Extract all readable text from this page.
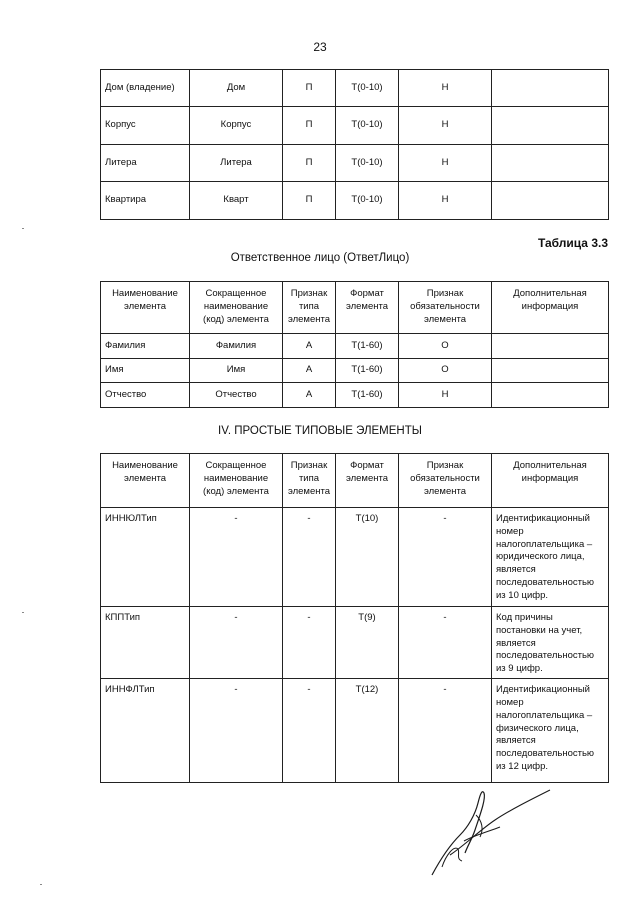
23
Дом (владение)	Дом	П	Т(0-10)	Н	
Корпус	Корпус	П	Т(0-10)	Н	
Литера	Литера	П	Т(0-10)	Н	
Квартира	Кварт	П	Т(0-10)	Н	
Таблица 3.3
Ответственное лицо (ОтветЛицо)
Наименование элемента	Сокращенное наименование (код) элемента	Признак типа элемента	Формат элемента	Признак обязательности элемента	Дополнительная информация
Фамилия	Фамилия	А	Т(1-60)	О	
Имя	Имя	А	Т(1-60)	О	
Отчество	Отчество	А	Т(1-60)	Н	
IV. ПРОСТЫЕ ТИПОВЫЕ ЭЛЕМЕНТЫ
Наименование элемента	Сокращенное наименование (код) элемента	Признак типа элемента	Формат элемента	Признак обязательности элемента	Дополнительная информация
ИННЮЛТип	-	-	Т(10)	-	Идентификационный номер налогоплательщика – юридического лица, является последовательностью из 10 цифр.
КППТип	-	-	Т(9)	-	Код причины постановки на учет, является последовательностью из 9 цифр.
ИННФЛТип	-	-	Т(12)	-	Идентификационный номер налогоплательщика – физического лица, является последовательностью из 12 цифр.
